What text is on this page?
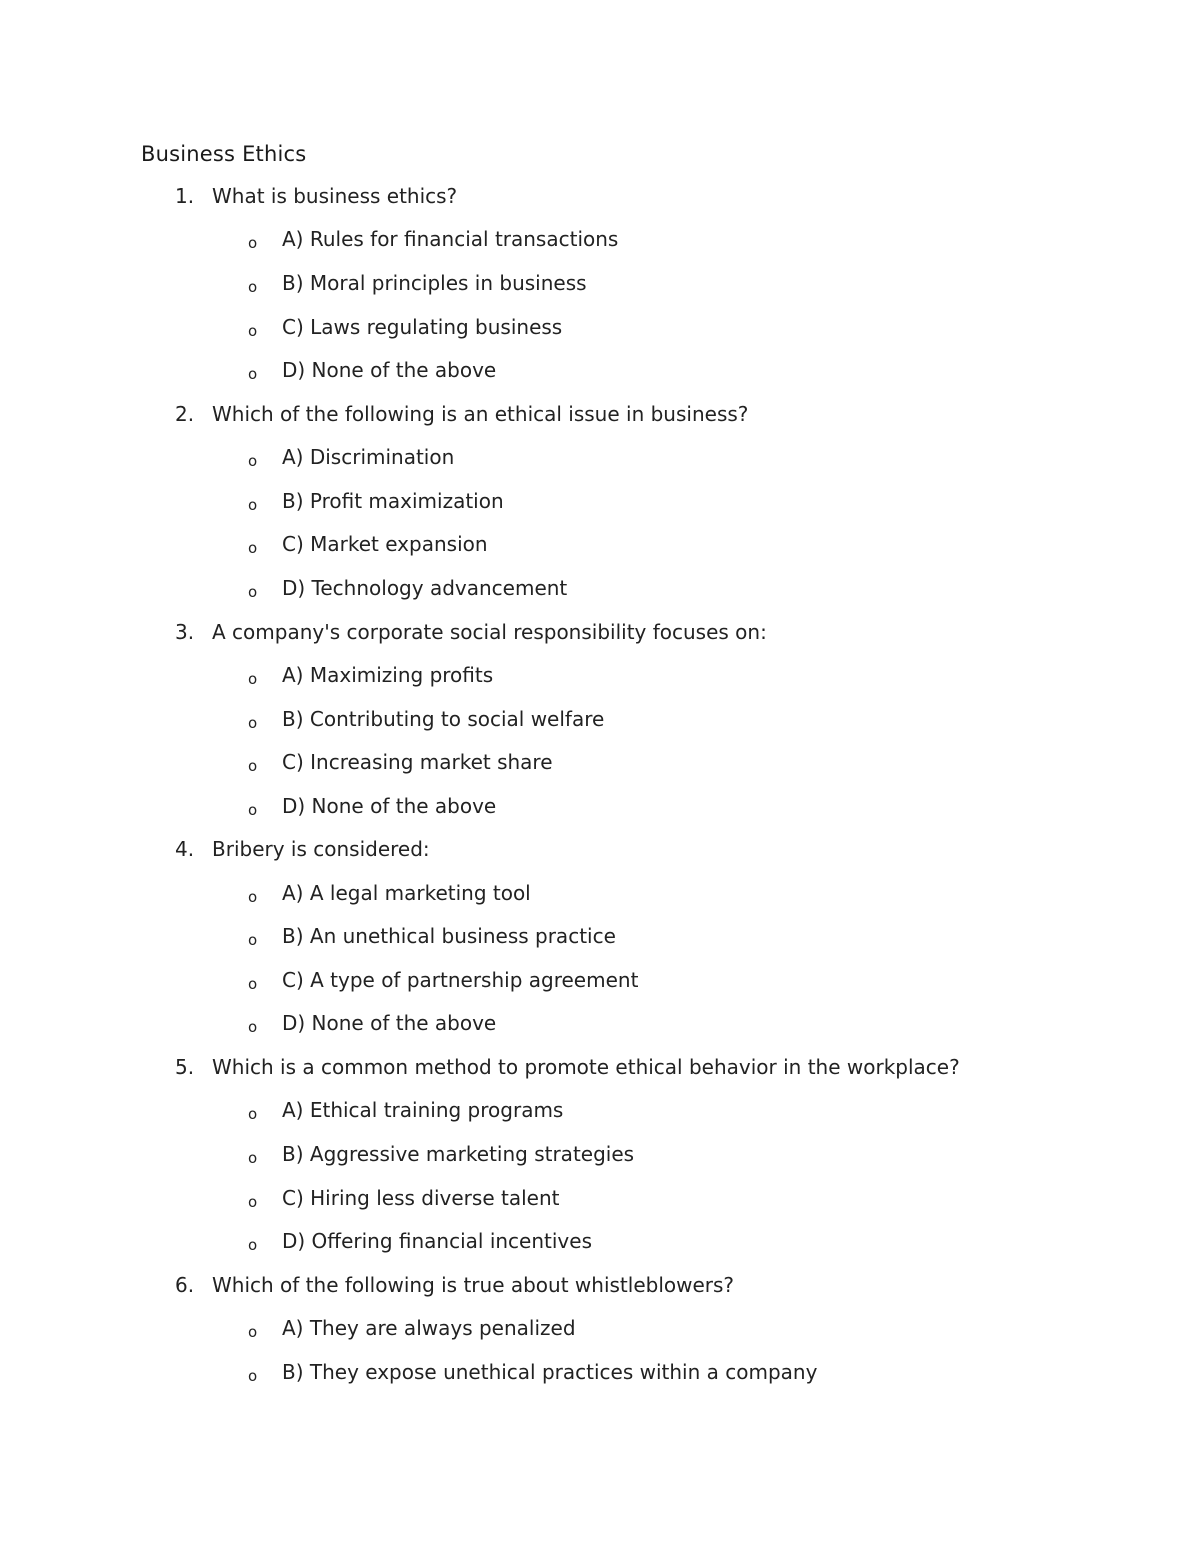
Business Ethics
1. What is business ethics?
o A) Rules for financial transactions
o B) Moral principles in business
o C) Laws regulating business
o D) None of the above
2. Which of the following is an ethical issue in business?
o A) Discrimination
o B) Profit maximization
o C) Market expansion
o D) Technology advancement
3. A company's corporate social responsibility focuses on:
o A) Maximizing profits
o B) Contributing to social welfare
o C) Increasing market share
o D) None of the above
4. Bribery is considered:
o A) A legal marketing tool
o B) An unethical business practice
o C) A type of partnership agreement
o D) None of the above
5. Which is a common method to promote ethical behavior in the workplace?
o A) Ethical training programs
o B) Aggressive marketing strategies
o C) Hiring less diverse talent
o D) Offering financial incentives
6. Which of the following is true about whistleblowers?
o A) They are always penalized
o B) They expose unethical practices within a company
